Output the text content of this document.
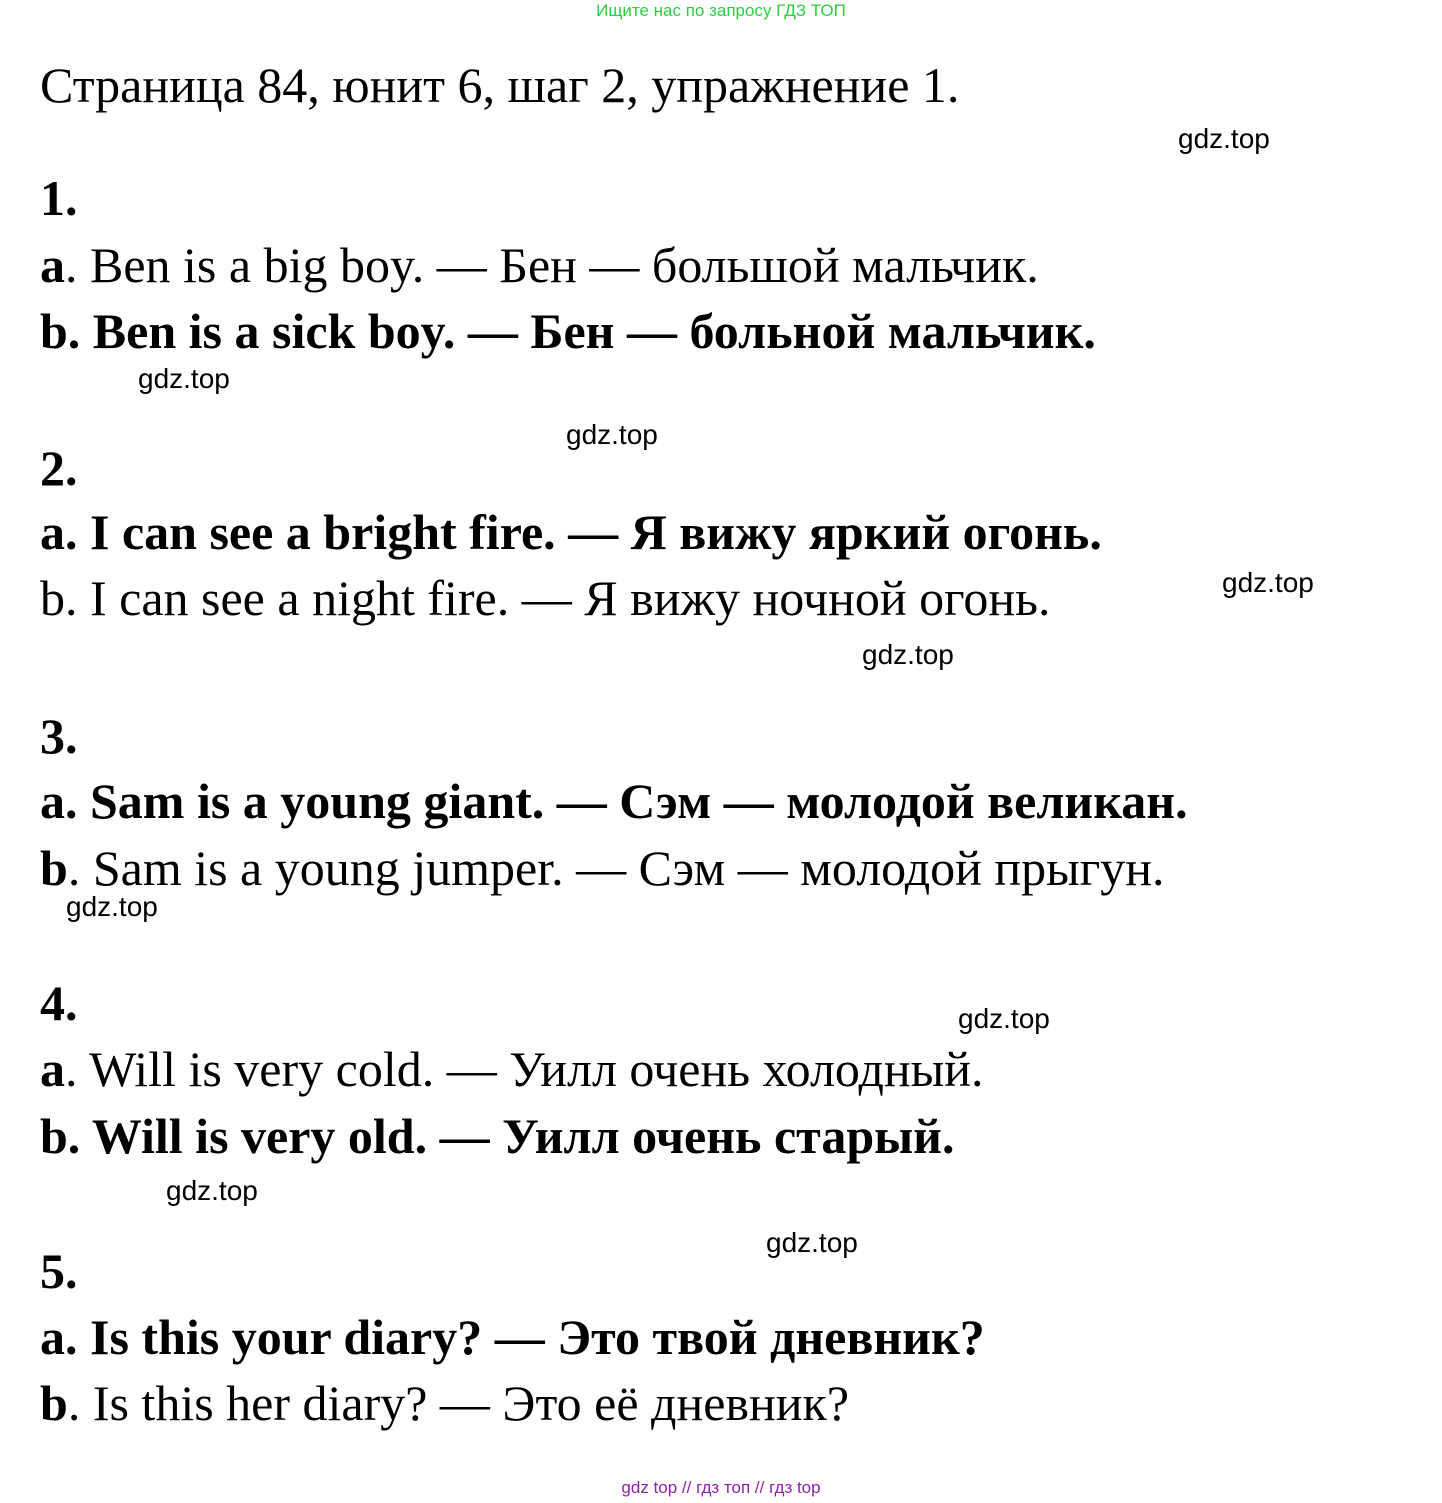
Ищите нас по запросу ГДЗ ТОП
Страница 84, юнит 6, шаг 2, упражнение 1.
1.
a. Ben is a big boy. — Бен — большой мальчик.
b. Ben is a sick boy. — Бен — больной мальчик.
2.
a. I can see a bright fire. — Я вижу яркий огонь.
b. I can see a night fire. — Я вижу ночной огонь.
3.
a. Sam is a young giant. — Сэм — молодой великан.
b. Sam is a young jumper. — Сэм — молодой прыгун.
4.
a. Will is very cold. — Уилл очень холодный.
b. Will is very old. — Уилл очень старый.
5.
a. Is this your diary? — Это твой дневник?
b. Is this her diary? — Это её дневник?
gdz.top
gdz.top
gdz.top
gdz.top
gdz.top
gdz.top
gdz.top
gdz.top
gdz.top
gdz top // гдз топ // гдз top
